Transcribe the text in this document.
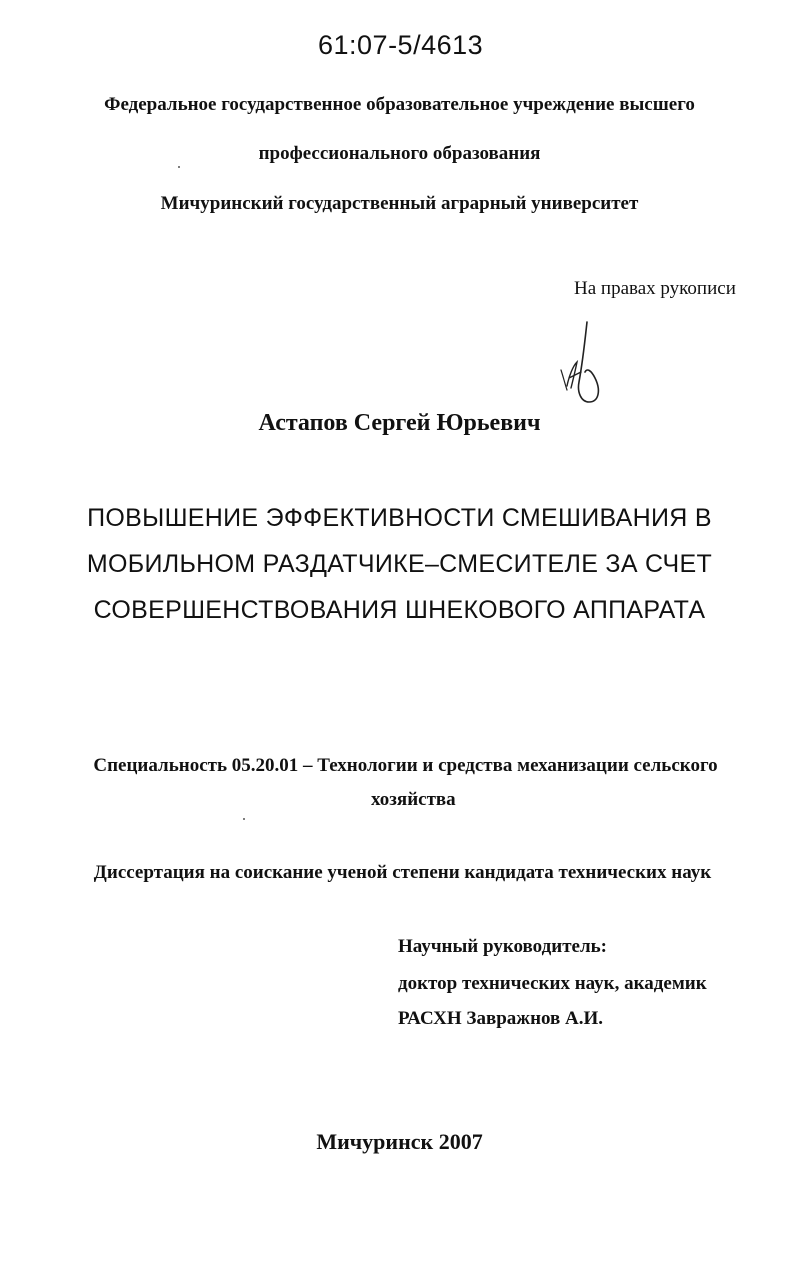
61:07-5/4613
Федеральное государственное образовательное учреждение высшего
профессионального образования
Мичуринский государственный аграрный университет
На правах рукописи
Астапов Сергей Юрьевич
ПОВЫШЕНИЕ ЭФФЕКТИВНОСТИ СМЕШИВАНИЯ В
МОБИЛЬНОМ РАЗДАТЧИКЕ–СМЕСИТЕЛЕ ЗА СЧЕТ
СОВЕРШЕНСТВОВАНИЯ ШНЕКОВОГО АППАРАТА
Специальность 05.20.01 – Технологии и средства механизации сельского
хозяйства
Диссертация на соискание ученой степени кандидата технических наук
Научный руководитель:
доктор технических наук, академик
РАСХН Завражнов А.И.
Мичуринск 2007
